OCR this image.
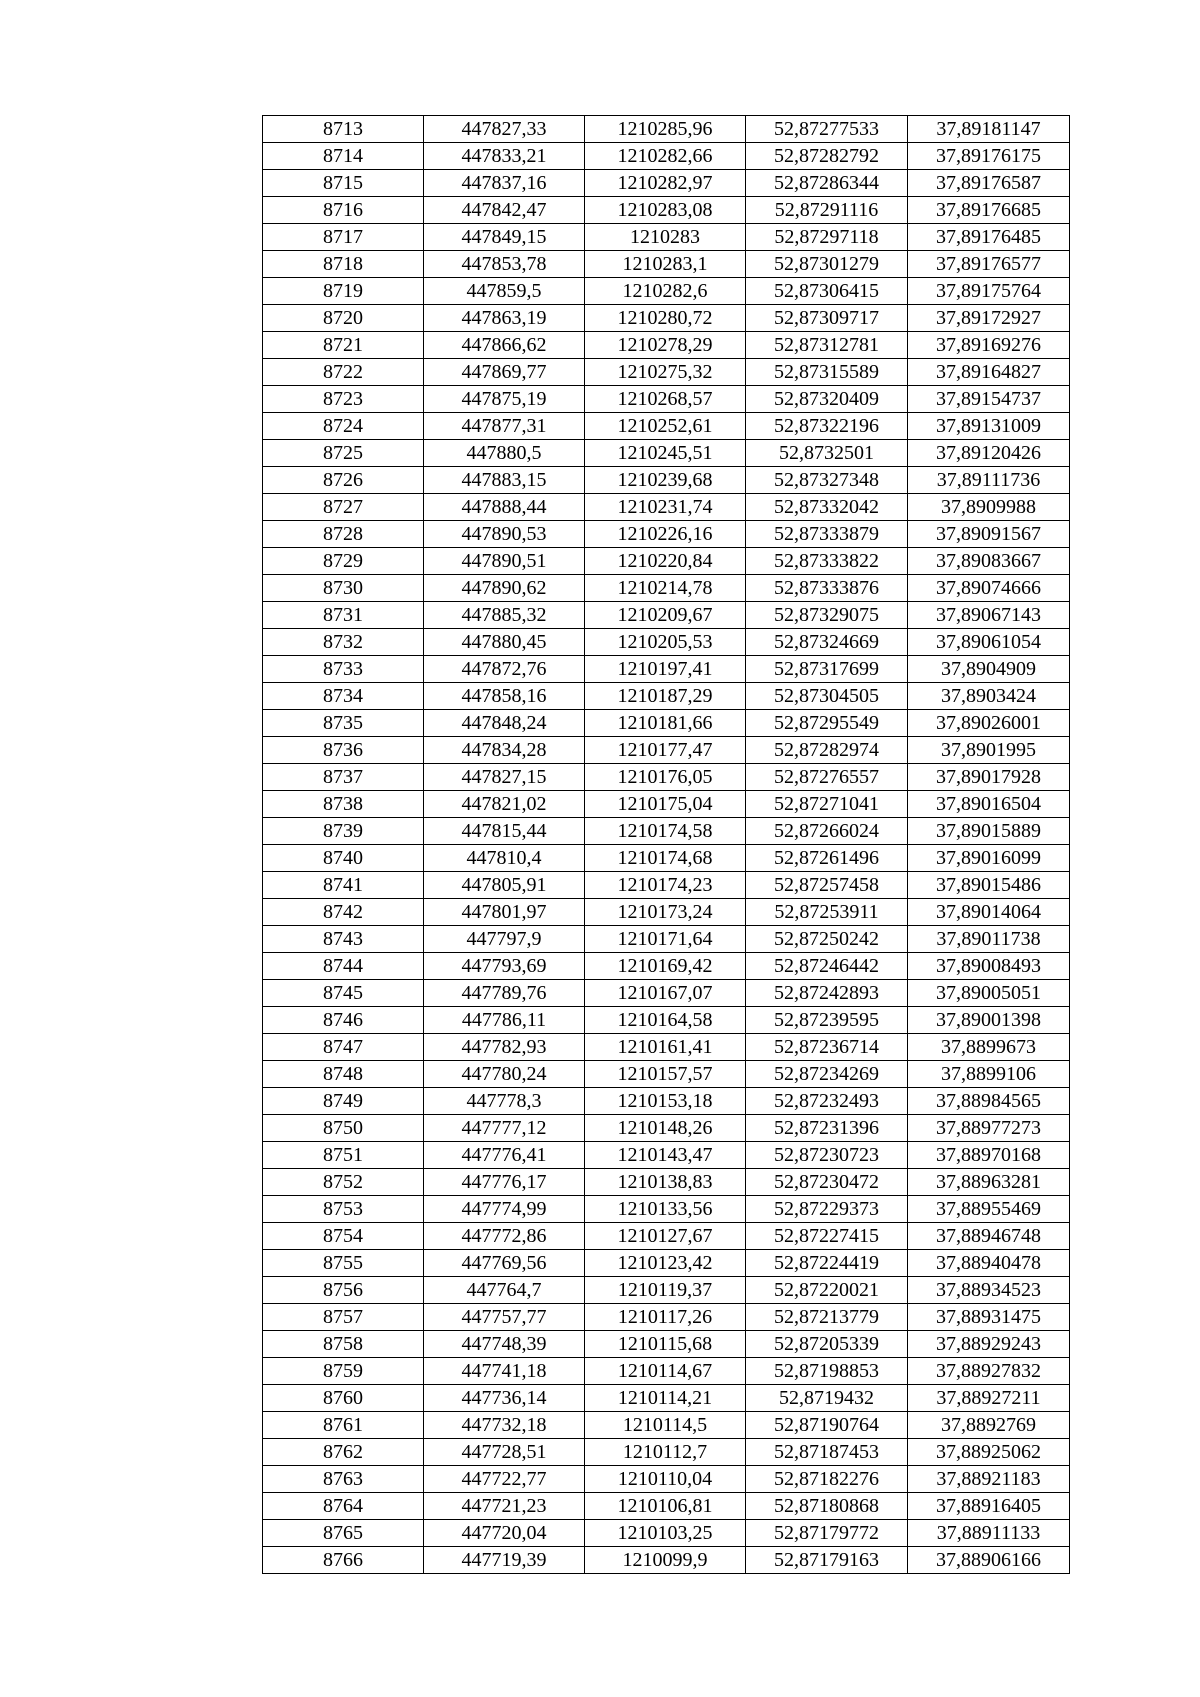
8713	447827,33	1210285,96	52,87277533	37,89181147
8714	447833,21	1210282,66	52,87282792	37,89176175
8715	447837,16	1210282,97	52,87286344	37,89176587
8716	447842,47	1210283,08	52,87291116	37,89176685
8717	447849,15	1210283	52,87297118	37,89176485
8718	447853,78	1210283,1	52,87301279	37,89176577
8719	447859,5	1210282,6	52,87306415	37,89175764
8720	447863,19	1210280,72	52,87309717	37,89172927
8721	447866,62	1210278,29	52,87312781	37,89169276
8722	447869,77	1210275,32	52,87315589	37,89164827
8723	447875,19	1210268,57	52,87320409	37,89154737
8724	447877,31	1210252,61	52,87322196	37,89131009
8725	447880,5	1210245,51	52,8732501	37,89120426
8726	447883,15	1210239,68	52,87327348	37,89111736
8727	447888,44	1210231,74	52,87332042	37,8909988
8728	447890,53	1210226,16	52,87333879	37,89091567
8729	447890,51	1210220,84	52,87333822	37,89083667
8730	447890,62	1210214,78	52,87333876	37,89074666
8731	447885,32	1210209,67	52,87329075	37,89067143
8732	447880,45	1210205,53	52,87324669	37,89061054
8733	447872,76	1210197,41	52,87317699	37,8904909
8734	447858,16	1210187,29	52,87304505	37,8903424
8735	447848,24	1210181,66	52,87295549	37,89026001
8736	447834,28	1210177,47	52,87282974	37,8901995
8737	447827,15	1210176,05	52,87276557	37,89017928
8738	447821,02	1210175,04	52,87271041	37,89016504
8739	447815,44	1210174,58	52,87266024	37,89015889
8740	447810,4	1210174,68	52,87261496	37,89016099
8741	447805,91	1210174,23	52,87257458	37,89015486
8742	447801,97	1210173,24	52,87253911	37,89014064
8743	447797,9	1210171,64	52,87250242	37,89011738
8744	447793,69	1210169,42	52,87246442	37,89008493
8745	447789,76	1210167,07	52,87242893	37,89005051
8746	447786,11	1210164,58	52,87239595	37,89001398
8747	447782,93	1210161,41	52,87236714	37,8899673
8748	447780,24	1210157,57	52,87234269	37,8899106
8749	447778,3	1210153,18	52,87232493	37,88984565
8750	447777,12	1210148,26	52,87231396	37,88977273
8751	447776,41	1210143,47	52,87230723	37,88970168
8752	447776,17	1210138,83	52,87230472	37,88963281
8753	447774,99	1210133,56	52,87229373	37,88955469
8754	447772,86	1210127,67	52,87227415	37,88946748
8755	447769,56	1210123,42	52,87224419	37,88940478
8756	447764,7	1210119,37	52,87220021	37,88934523
8757	447757,77	1210117,26	52,87213779	37,88931475
8758	447748,39	1210115,68	52,87205339	37,88929243
8759	447741,18	1210114,67	52,87198853	37,88927832
8760	447736,14	1210114,21	52,8719432	37,88927211
8761	447732,18	1210114,5	52,87190764	37,8892769
8762	447728,51	1210112,7	52,87187453	37,88925062
8763	447722,77	1210110,04	52,87182276	37,88921183
8764	447721,23	1210106,81	52,87180868	37,88916405
8765	447720,04	1210103,25	52,87179772	37,88911133
8766	447719,39	1210099,9	52,87179163	37,88906166
